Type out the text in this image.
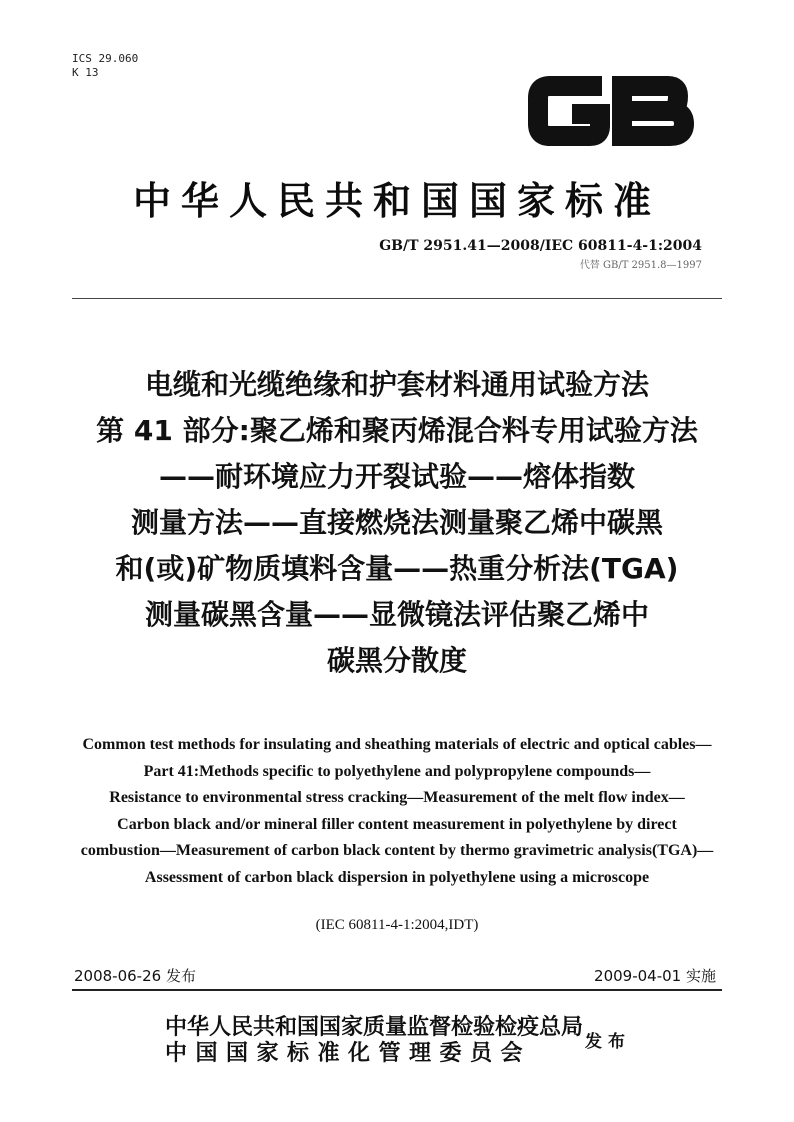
ICS 29.060
K 13
中华人民共和国国家标准
GB/T 2951.41—2008/IEC 60811-4-1:2004
代替 GB/T 2951.8—1997
电缆和光缆绝缘和护套材料通用试验方法
第 41 部分:聚乙烯和聚丙烯混合料专用试验方法
——耐环境应力开裂试验——熔体指数
测量方法——直接燃烧法测量聚乙烯中碳黑
和(或)矿物质填料含量——热重分析法(TGA)
测量碳黑含量——显微镜法评估聚乙烯中
碳黑分散度
Common test methods for insulating and sheathing materials of electric and optical cables—
Part 41:Methods specific to polyethylene and polypropylene compounds—
Resistance to environmental stress cracking—Measurement of the melt flow index—
Carbon black and/or mineral filler content measurement in polyethylene by direct
combustion—Measurement of carbon black content by thermo gravimetric analysis(TGA)—
Assessment of carbon black dispersion in polyethylene using a microscope
(IEC 60811-4-1:2004,IDT)
2008-06-26 发布	2009-04-01 实施
中华人民共和国国家质量监督检验检疫总局
中国国家标准化管理委员会	发布
